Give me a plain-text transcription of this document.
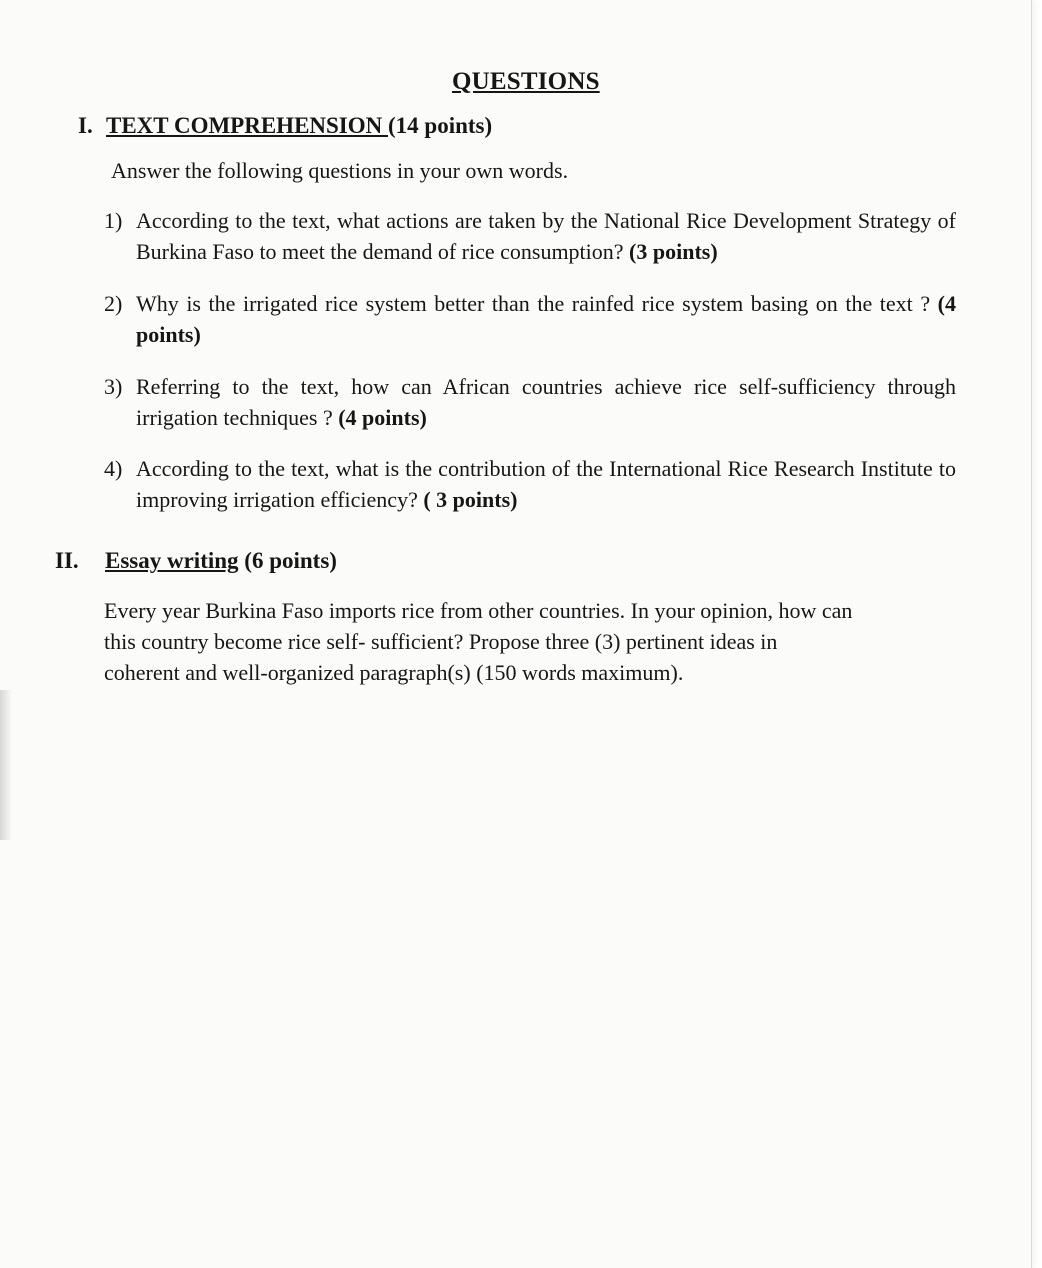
QUESTIONS
I. TEXT COMPREHENSION (14 points)
Answer the following questions in your own words.
1) According to the text, what actions are taken by the National Rice Development Strategy of Burkina Faso to meet the demand of rice consumption? (3 points)
2) Why is the irrigated rice system better than the rainfed rice system basing on the text ? (4 points)
3) Referring to the text, how can African countries achieve rice self-sufficiency through irrigation techniques ? (4 points)
4) According to the text, what is the contribution of the International Rice Research Institute to improving irrigation efficiency? ( 3 points)
II. Essay writing (6 points)
Every year Burkina Faso imports rice from other countries. In your opinion, how can
this country become rice self- sufficient? Propose three (3) pertinent ideas in
coherent and well-organized paragraph(s) (150 words maximum).
